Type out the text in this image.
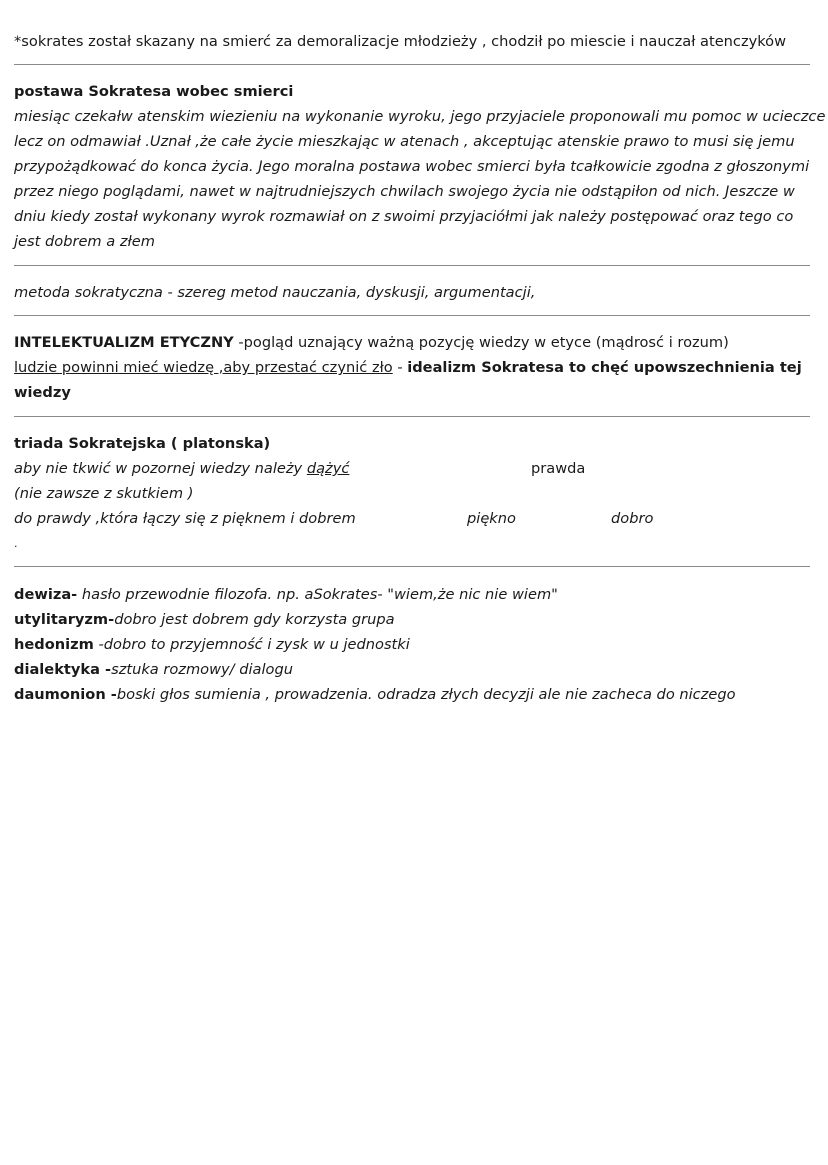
*sokrates został skazany na smierć za demoralizacje młodzieży , chodził po miescie i nauczał atenczyków
postawa Sokratesa wobec smierci
miesiąc czekałw atenskim wiezieniu na wykonanie wyroku, jego przyjaciele proponowali mu pomoc w ucieczce
lecz on odmawiał .Uznał ,że całe życie mieszkając w atenach , akceptując atenskie prawo to musi się jemu
przypożądkować do konca życia. Jego moralna postawa wobec smierci była tcałkowicie zgodna z głoszonymi
przez niego poglądami, nawet w najtrudniejszych chwilach swojego życia nie odstąpiłon od nich. Jeszcze w
dniu kiedy został wykonany wyrok rozmawiał on z swoimi przyjaciółmi jak należy postępować oraz tego co
jest dobrem a złem
metoda sokratyczna - szereg metod nauczania, dyskusji, argumentacji,
INTELEKTUALIZM ETYCZNY -pogląd uznający ważną pozycję wiedzy w etyce (mądrosć i rozum)
ludzie powinni mieć wiedzę ,aby przestać czynić zło - idealizm Sokratesa to chęć upowszechnienia tej
wiedzy
triada Sokratejska ( platonska)
aby nie tkwić w pozornej wiedzy należy dążyć	prawda
(nie zawsze z skutkiem )
do prawdy ,która łączy się z pięknem i dobrem	piękno	dobro
.
dewiza- hasło przewodnie filozofa. np. aSokrates- "wiem,że nic nie wiem"
utylitaryzm-dobro jest dobrem gdy korzysta grupa
hedonizm -dobro to przyjemność i zysk w u jednostki
dialektyka -sztuka rozmowy/ dialogu
daumonion -boski głos sumienia , prowadzenia. odradza złych decyzji ale nie zacheca do niczego
